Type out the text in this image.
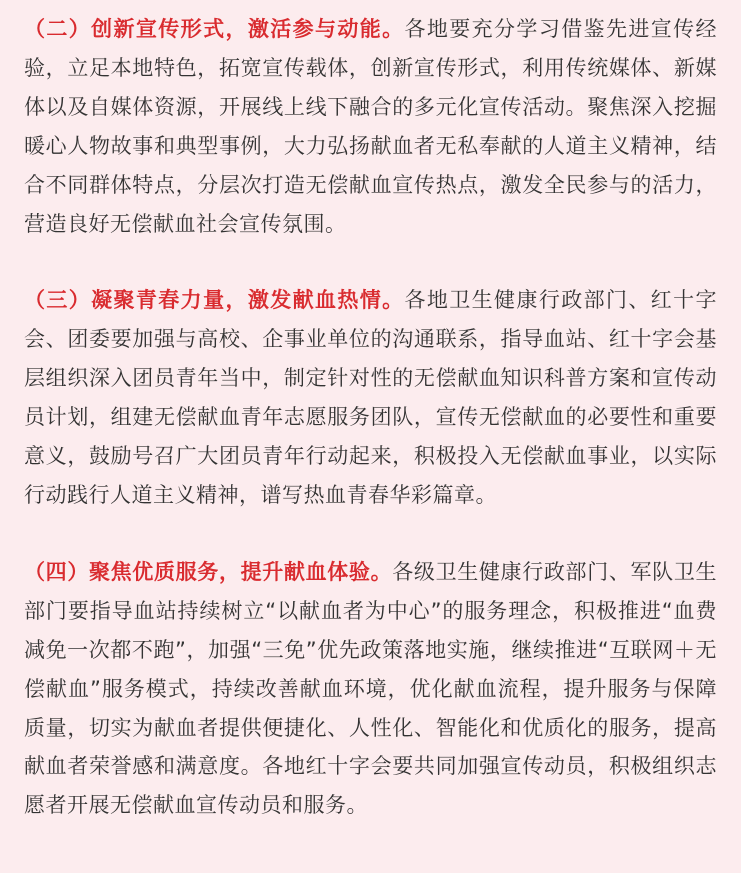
（二）创新宣传形式，激活参与动能。各地要充分学习借鉴先进宣传经验，立足本地特色，拓宽宣传载体，创新宣传形式，利用传统媒体、新媒体以及自媒体资源，开展线上线下融合的多元化宣传活动。聚焦深入挖掘暖心人物故事和典型事例，大力弘扬献血者无私奉献的人道主义精神，结合不同群体特点，分层次打造无偿献血宣传热点，激发全民参与的活力，营造良好无偿献血社会宣传氛围。

（三）凝聚青春力量，激发献血热情。各地卫生健康行政部门、红十字会、团委要加强与高校、企事业单位的沟通联系，指导血站、红十字会基层组织深入团员青年当中，制定针对性的无偿献血知识科普方案和宣传动员计划，组建无偿献血青年志愿服务团队，宣传无偿献血的必要性和重要意义，鼓励号召广大团员青年行动起来，积极投入无偿献血事业，以实际行动践行人道主义精神，谱写热血青春华彩篇章。

（四）聚焦优质服务，提升献血体验。各级卫生健康行政部门、军队卫生部门要指导血站持续树立“以献血者为中心”的服务理念，积极推进“血费减免一次都不跑”，加强“三免”优先政策落地实施，继续推进“互联网＋无偿献血”服务模式，持续改善献血环境，优化献血流程，提升服务与保障质量，切实为献血者提供便捷化、人性化、智能化和优质化的服务，提高献血者荣誉感和满意度。各地红十字会要共同加强宣传动员，积极组织志愿者开展无偿献血宣传动员和服务。
